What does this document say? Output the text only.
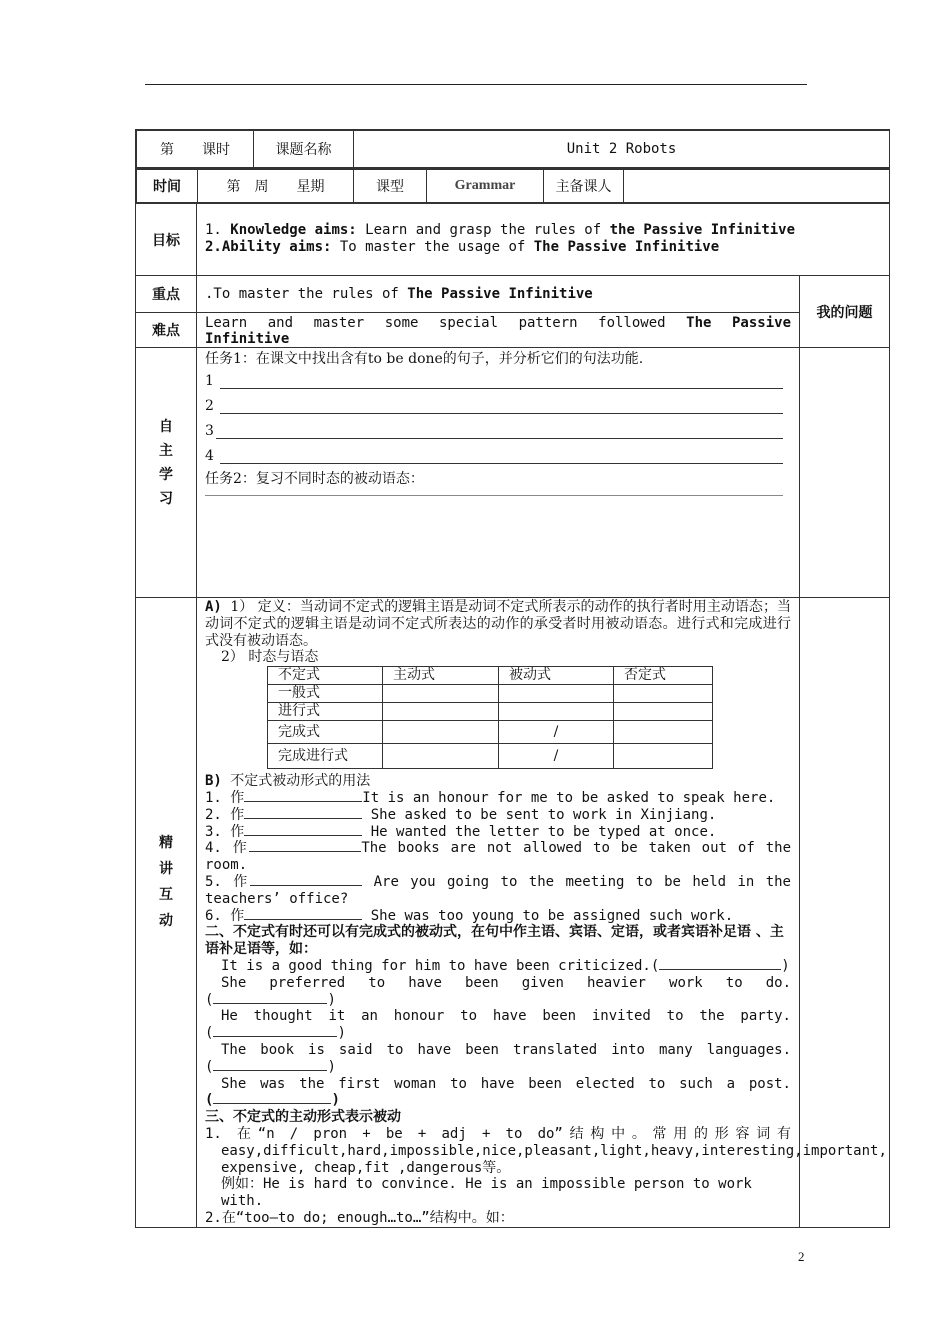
第　　课时	课题名称	Unit 2 Robots

时间	第　周　　星期	课型	Grammar	主备课人	

目标	
1. Knowledge aims: Learn and grasp the rules of the Passive Infinitive
2.Ability aims: To master the usage of The Passive Infinitive

重点	.To master the rules of The Passive Infinitive	我的问题
难点	Learn and master some special pattern followed The Passive
Infinitive

自
主
学
习

任务1：在课文中找出含有to be done的句子，并分析它们的句法功能.
1
2
3
4
任务2：复习不同时态的被动语态：

精
讲
互
动

A) 1） 定义：当动词不定式的逻辑主语是动词不定式所表示的动作的执行者时用主动语态；当动词不定式的逻辑主语是动词不定式所表达的动作的承受者时用被动语态。进行式和完成进行式没有被动语态。
2） 时态与语态
不定式	主动式	被动式	否定式
一般式			
进行式			
完成式		/	
完成进行式		/	
B) 不定式被动形式的用法
1. 作	It is an honour for me to be asked to speak here.
2. 作	She asked to be sent to work in Xinjiang.
3. 作	He wanted the letter to be typed at once.
4. 作	The books are not allowed to be taken out of the
room.
5. 作	Are you going to the meeting to be held in the
teachers’ office?
6. 作	She was too young to be assigned such work.
二、不定式有时还可以有完成式的被动式，在句中作主语、宾语、定语，或者宾语补足语 、主语补足语等，如：
It is a good thing for him to have been criticized.(	)
She preferred to have been given heavier work to do.
(	)
He thought it an honour to have been invited to the party.
(	)
The book is said to have been translated into many languages.
(	)
She was the first woman to have been elected to such a post.
(	)
三、不定式的主动形式表示被动
1. 在“n / pron + be + adj + to do”结构中。常用的形容词有
easy,difficult,hard,impossible,nice,pleasant,light,heavy,interesting,important, expensive, cheap,fit ,dangerous等。
例如：He is hard to convince. He is an impossible person to work with.
2.在“too—to do; enough…to…”结构中。如：

2
